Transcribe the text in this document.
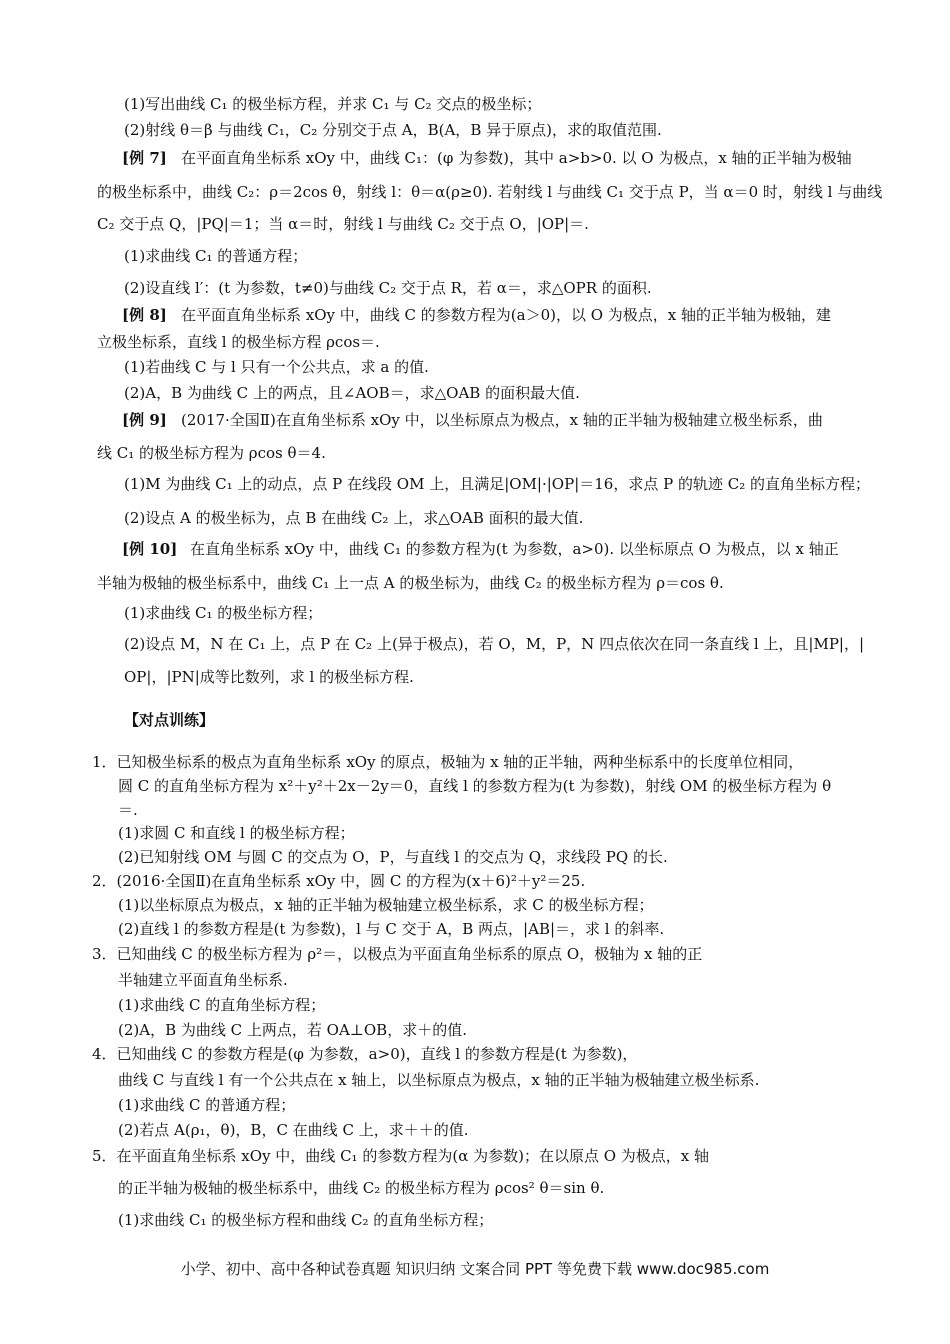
(1)写出曲线 C₁ 的极坐标方程，并求 C₁ 与 C₂ 交点的极坐标；
(2)射线 θ＝β 与曲线 C₁，C₂ 分别交于点 A，B(A，B 异于原点)，求的取值范围.
[例 7] 在平面直角坐标系 xOy 中，曲线 C₁：(φ 为参数)，其中 a>b>0. 以 O 为极点，x 轴的正半轴为极轴
的极坐标系中，曲线 C₂：ρ＝2cos θ，射线 l：θ＝α(ρ≥0). 若射线 l 与曲线 C₁ 交于点 P，当 α＝0 时，射线 l 与曲线
C₂ 交于点 Q，|PQ|＝1；当 α＝时，射线 l 与曲线 C₂ 交于点 O，|OP|＝.
(1)求曲线 C₁ 的普通方程；
(2)设直线 l′：(t 为参数，t≠0)与曲线 C₂ 交于点 R，若 α＝，求△OPR 的面积.
[例 8] 在平面直角坐标系 xOy 中，曲线 C 的参数方程为(a＞0)，以 O 为极点，x 轴的正半轴为极轴，建
立极坐标系，直线 l 的极坐标方程 ρcos＝.
(1)若曲线 C 与 l 只有一个公共点，求 a 的值.
(2)A，B 为曲线 C 上的两点，且∠AOB＝，求△OAB 的面积最大值.
[例 9] (2017·全国Ⅱ)在直角坐标系 xOy 中，以坐标原点为极点，x 轴的正半轴为极轴建立极坐标系，曲
线 C₁ 的极坐标方程为 ρcos θ＝4.
(1)M 为曲线 C₁ 上的动点，点 P 在线段 OM 上，且满足|OM|·|OP|＝16，求点 P 的轨迹 C₂ 的直角坐标方程；
(2)设点 A 的极坐标为，点 B 在曲线 C₂ 上，求△OAB 面积的最大值.
[例 10] 在直角坐标系 xOy 中，曲线 C₁ 的参数方程为(t 为参数，a>0). 以坐标原点 O 为极点，以 x 轴正
半轴为极轴的极坐标系中，曲线 C₁ 上一点 A 的极坐标为，曲线 C₂ 的极坐标方程为 ρ＝cos θ.
(1)求曲线 C₁ 的极坐标方程；
(2)设点 M，N 在 C₁ 上，点 P 在 C₂ 上(异于极点)，若 O，M，P，N 四点依次在同一条直线 l 上，且|MP|，|
OP|，|PN|成等比数列，求 l 的极坐标方程.
【对点训练】
1．已知极坐标系的极点为直角坐标系 xOy 的原点，极轴为 x 轴的正半轴，两种坐标系中的长度单位相同，
圆 C 的直角坐标方程为 x²＋y²＋2x－2y＝0，直线 l 的参数方程为(t 为参数)，射线 OM 的极坐标方程为 θ
＝.
(1)求圆 C 和直线 l 的极坐标方程；
(2)已知射线 OM 与圆 C 的交点为 O，P，与直线 l 的交点为 Q，求线段 PQ 的长.
2．(2016·全国Ⅱ)在直角坐标系 xOy 中，圆 C 的方程为(x＋6)²＋y²＝25.
(1)以坐标原点为极点，x 轴的正半轴为极轴建立极坐标系，求 C 的极坐标方程；
(2)直线 l 的参数方程是(t 为参数)，l 与 C 交于 A，B 两点，|AB|＝，求 l 的斜率.
3．已知曲线 C 的极坐标方程为 ρ²＝，以极点为平面直角坐标系的原点 O，极轴为 x 轴的正
半轴建立平面直角坐标系.
(1)求曲线 C 的直角坐标方程；
(2)A，B 为曲线 C 上两点，若 OA⊥OB，求＋的值.
4．已知曲线 C 的参数方程是(φ 为参数，a>0)，直线 l 的参数方程是(t 为参数)，
曲线 C 与直线 l 有一个公共点在 x 轴上，以坐标原点为极点，x 轴的正半轴为极轴建立极坐标系.
(1)求曲线 C 的普通方程；
(2)若点 A(ρ₁，θ)，B，C 在曲线 C 上，求＋＋的值.
5．在平面直角坐标系 xOy 中，曲线 C₁ 的参数方程为(α 为参数)；在以原点 O 为极点，x 轴
的正半轴为极轴的极坐标系中，曲线 C₂ 的极坐标方程为 ρcos² θ＝sin θ.
(1)求曲线 C₁ 的极坐标方程和曲线 C₂ 的直角坐标方程；
小学、初中、高中各种试卷真题 知识归纳 文案合同 PPT 等免费下载 www.doc985.com
